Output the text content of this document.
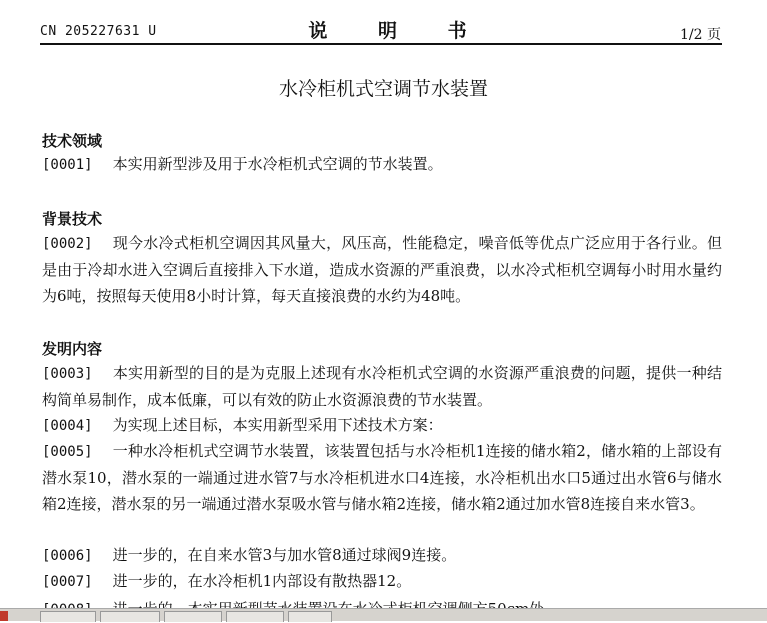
CN 205227631 U	说 明 书	1/2 页
水冷柜机式空调节水装置
技术领域
[0001] 本实用新型涉及用于水冷柜机式空调的节水装置。
背景技术
[0002] 现今水冷式柜机空调因其风量大，风压高，性能稳定，噪音低等优点广泛应用于各行业。但是由于冷却水进入空调后直接排入下水道，造成水资源的严重浪费，以水冷式柜机空调每小时用水量约为6吨，按照每天使用8小时计算，每天直接浪费的水约为48吨。
发明内容
[0003] 本实用新型的目的是为克服上述现有水冷柜机式空调的水资源严重浪费的问题，提供一种结构简单易制作，成本低廉，可以有效的防止水资源浪费的节水装置。
[0004] 为实现上述目标，本实用新型采用下述技术方案：
[0005] 一种水冷柜机式空调节水装置，该装置包括与水冷柜机1连接的储水箱2，储水箱的上部设有潜水泵10，潜水泵的一端通过进水管7与水冷柜机进水口4连接，水冷柜机出水口5通过出水管6与储水箱2连接，潜水泵的另一端通过潜水泵吸水管与储水箱2连接，储水箱2通过加水管8连接自来水管3。
[0006] 进一步的，在自来水管3与加水管8通过球阀9连接。
[0007] 进一步的，在水冷柜机1内部设有散热器12。
